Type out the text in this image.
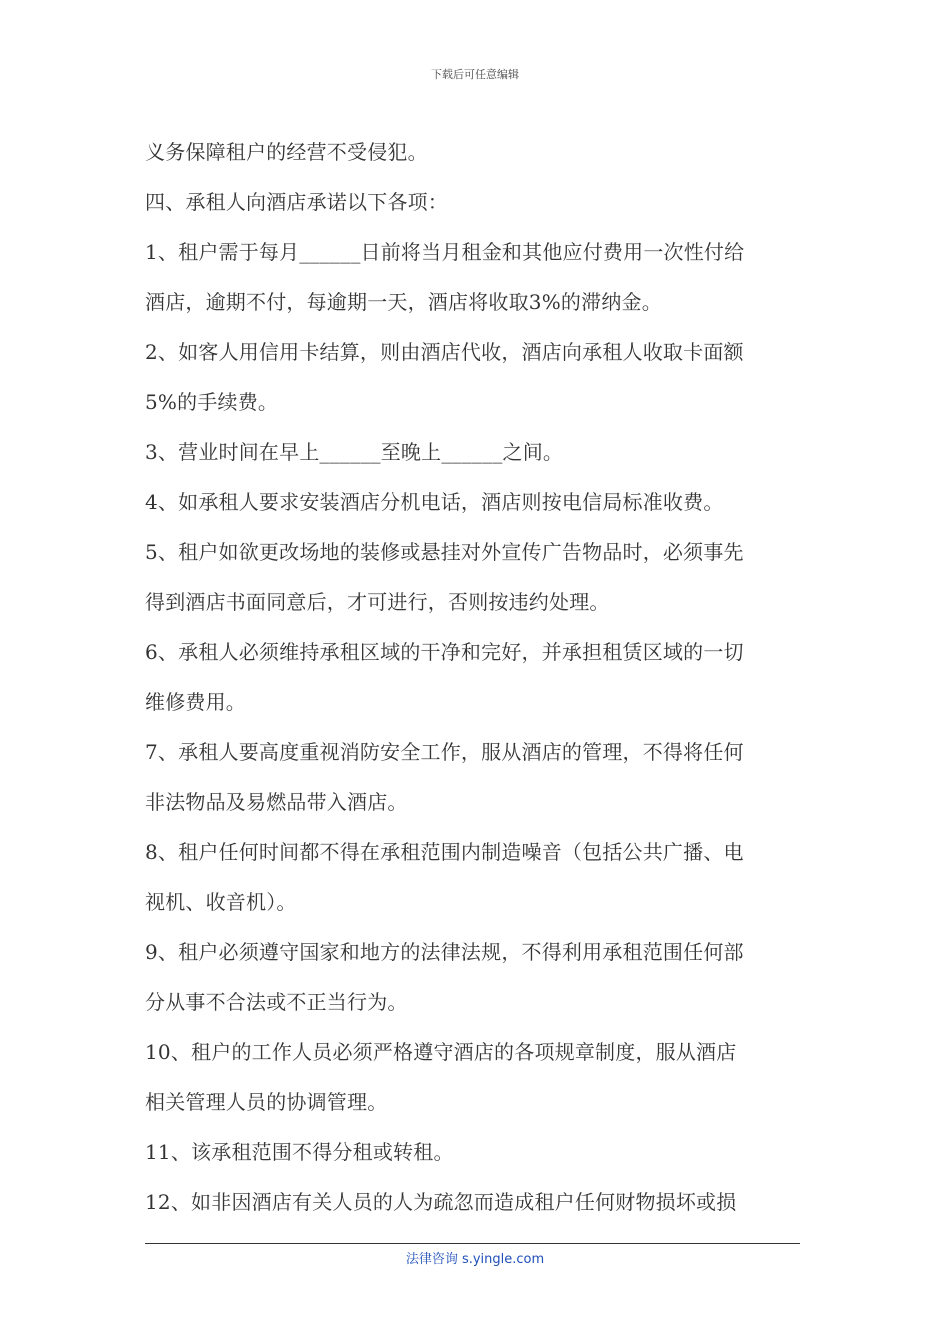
下载后可任意编辑
义务保障租户的经营不受侵犯。
四、承租人向酒店承诺以下各项：
1、租户需于每月______日前将当月租金和其他应付费用一次性付给
酒店，逾期不付，每逾期一天，酒店将收取3%的滞纳金。
2、如客人用信用卡结算，则由酒店代收，酒店向承租人收取卡面额
5%的手续费。
3、营业时间在早上______至晚上______之间。
4、如承租人要求安装酒店分机电话，酒店则按电信局标准收费。
5、租户如欲更改场地的装修或悬挂对外宣传广告物品时，必须事先
得到酒店书面同意后，才可进行，否则按违约处理。
6、承租人必须维持承租区域的干净和完好，并承担租赁区域的一切
维修费用。
7、承租人要高度重视消防安全工作，服从酒店的管理，不得将任何
非法物品及易燃品带入酒店。
8、租户任何时间都不得在承租范围内制造噪音（包括公共广播、电
视机、收音机）。
9、租户必须遵守国家和地方的法律法规，不得利用承租范围任何部
分从事不合法或不正当行为。
10、租户的工作人员必须严格遵守酒店的各项规章制度，服从酒店
相关管理人员的协调管理。
11、该承租范围不得分租或转租。
12、如非因酒店有关人员的人为疏忽而造成租户任何财物损坏或损
法律咨询 s.yingle.com
